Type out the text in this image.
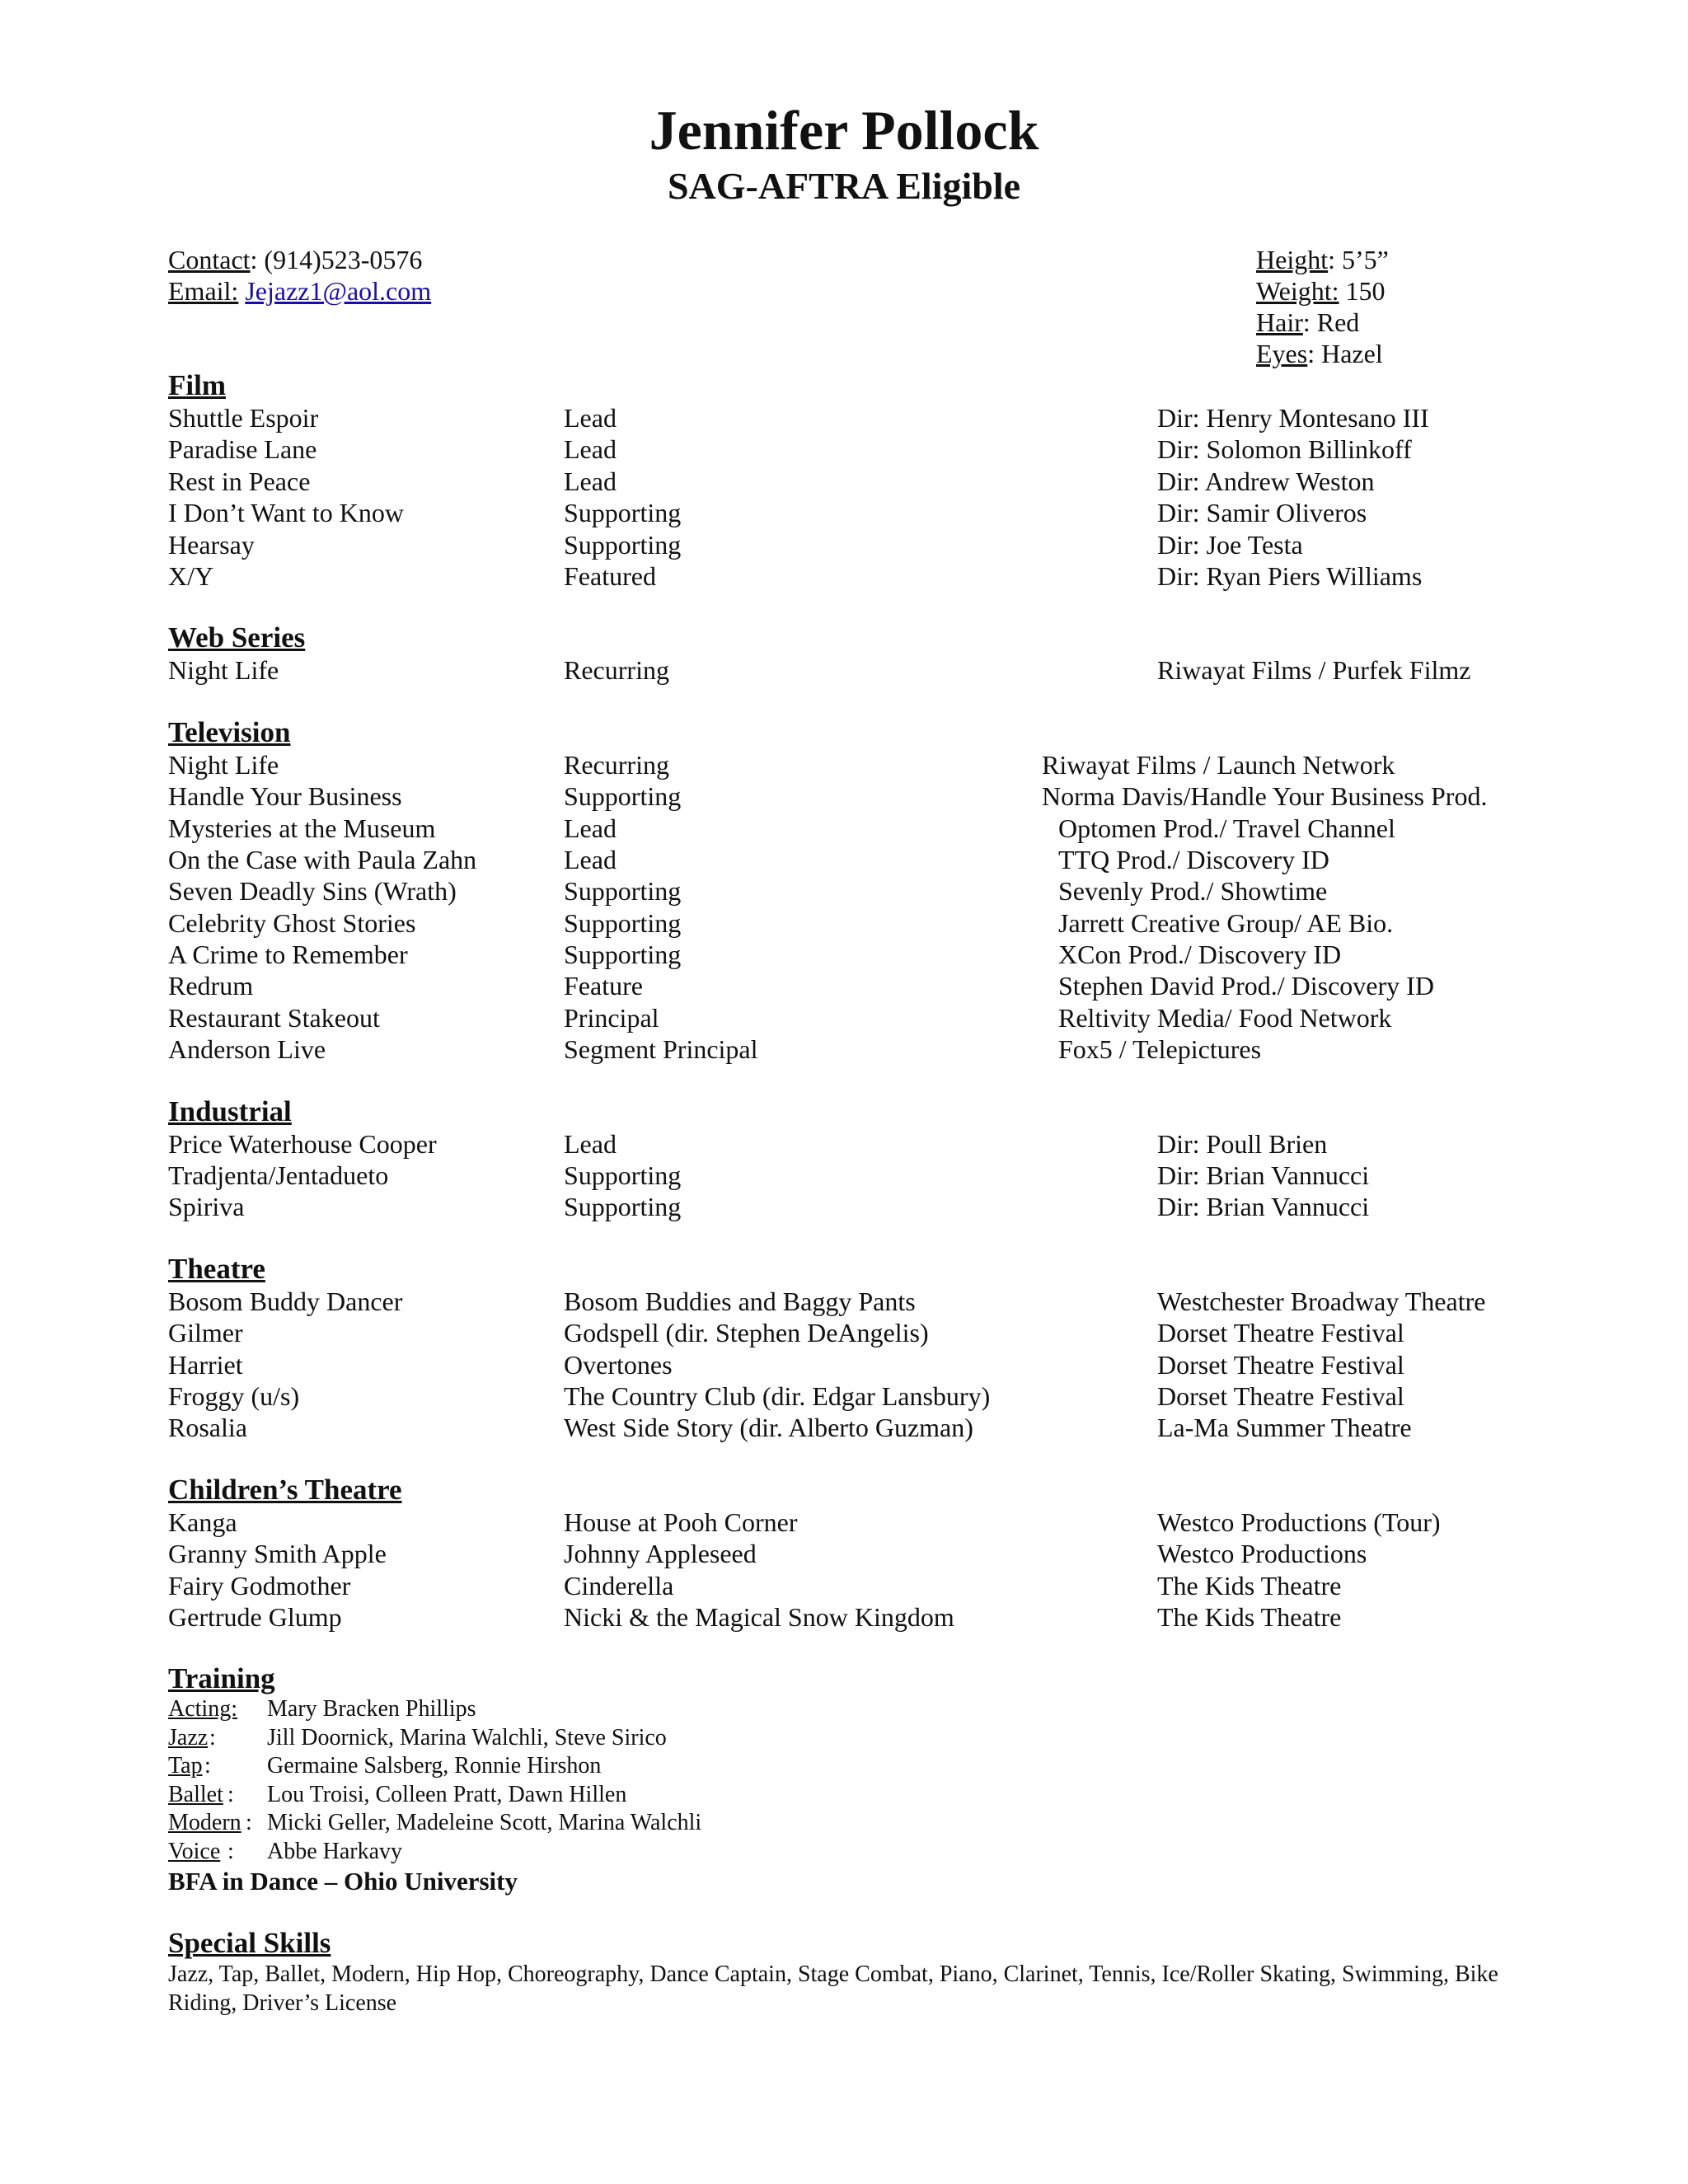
Jennifer Pollock
SAG-AFTRA Eligible
Contact: (914)523-0576
Email: Jejazz1@aol.com
Height: 5’5”
Weight: 150
Hair: Red
Eyes: Hazel
Film
Shuttle Espoir	Lead	Dir: Henry Montesano III
Paradise Lane	Lead	Dir: Solomon Billinkoff
Rest in Peace	Lead	Dir: Andrew Weston
I Don’t Want to Know	Supporting	Dir: Samir Oliveros
Hearsay	Supporting	Dir: Joe Testa
X/Y	Featured	Dir: Ryan Piers Williams
Web Series
Night Life	Recurring	Riwayat Films / Purfek Filmz
Television
Night Life	Recurring	Riwayat Films / Launch Network
Handle Your Business	Supporting	Norma Davis/Handle Your Business Prod.
Mysteries at the Museum	Lead	Optomen Prod./ Travel Channel
On the Case with Paula Zahn	Lead	TTQ Prod./ Discovery ID
Seven Deadly Sins (Wrath)	Supporting	Sevenly Prod./ Showtime
Celebrity Ghost Stories	Supporting	Jarrett Creative Group/ AE Bio.
A Crime to Remember	Supporting	XCon Prod./ Discovery ID
Redrum	Feature	Stephen David Prod./ Discovery ID
Restaurant Stakeout	Principal	Reltivity Media/ Food Network
Anderson Live	Segment Principal	Fox5 / Telepictures
Industrial
Price Waterhouse Cooper	Lead	Dir: Poull Brien
Tradjenta/Jentadueto	Supporting	Dir: Brian Vannucci
Spiriva	Supporting	Dir: Brian Vannucci
Theatre
Bosom Buddy Dancer	Bosom Buddies and Baggy Pants	Westchester Broadway Theatre
Gilmer	Godspell (dir. Stephen DeAngelis)	Dorset Theatre Festival
Harriet	Overtones	Dorset Theatre Festival
Froggy (u/s)	The Country Club (dir. Edgar Lansbury)	Dorset Theatre Festival
Rosalia	West Side Story (dir. Alberto Guzman)	La-Ma Summer Theatre
Children’s Theatre
Kanga	House at Pooh Corner	Westco Productions (Tour)
Granny Smith Apple	Johnny Appleseed	Westco Productions
Fairy Godmother	Cinderella	The Kids Theatre
Gertrude Glump	Nicki & the Magical Snow Kingdom	The Kids Theatre
Training
Acting: Mary Bracken Phillips
Jazz : Jill Doornick, Marina Walchli, Steve Sirico
Tap : Germaine Salsberg, Ronnie Hirshon
Ballet : Lou Troisi, Colleen Pratt, Dawn Hillen
Modern : Micki Geller, Madeleine Scott, Marina Walchli
Voice : Abbe Harkavy
BFA in Dance – Ohio University
Special Skills
Jazz, Tap, Ballet, Modern, Hip Hop, Choreography, Dance Captain, Stage Combat, Piano, Clarinet, Tennis, Ice/Roller Skating, Swimming, Bike Riding, Driver’s License
